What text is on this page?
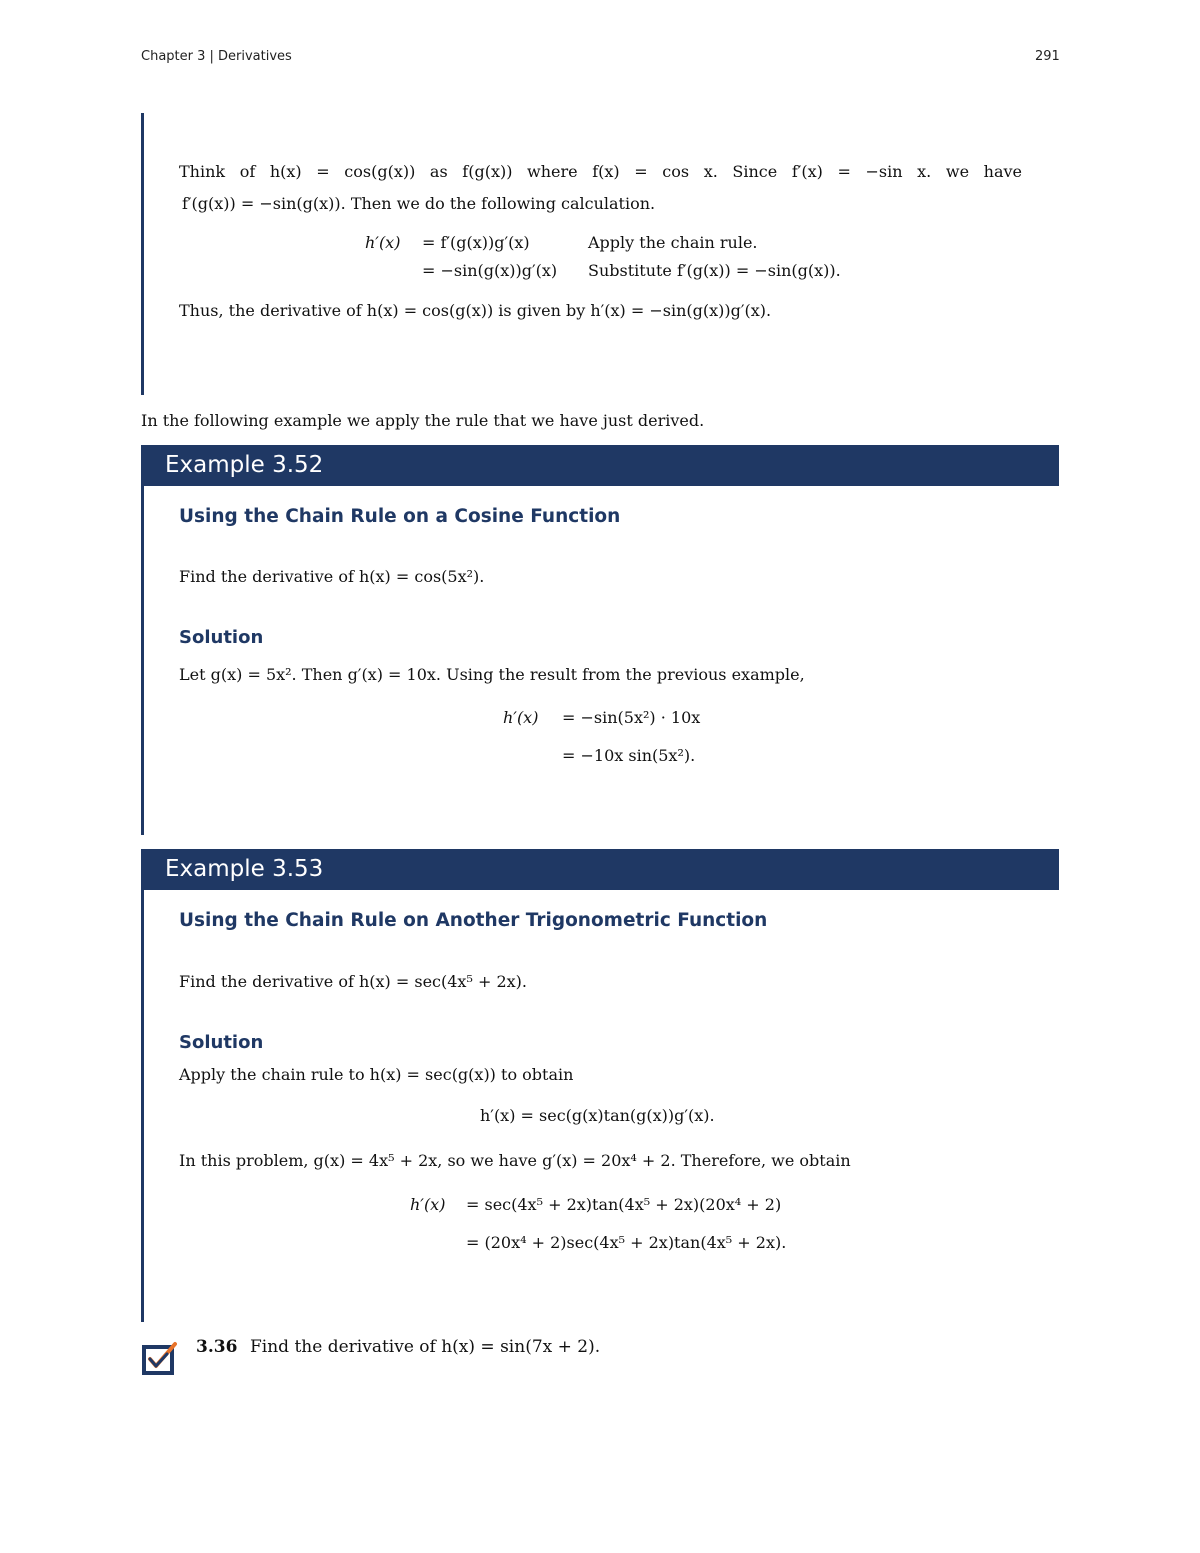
Chapter 3 | Derivatives	291
Think of h(x) = cos(g(x)) as f(g(x)) where f(x) = cos x. Since f′(x) = −sin x. we have
f′(g(x)) = −sin(g(x)). Then we do the following calculation.
h′(x) = f′(g(x))g′(x)	Apply the chain rule.
= −sin(g(x))g′(x) Substitute f′(g(x)) = −sin(g(x)).
Thus, the derivative of h(x) = cos(g(x)) is given by h′(x) = −sin(g(x))g′(x).
In the following example we apply the rule that we have just derived.
Example 3.52
Using the Chain Rule on a Cosine Function
Find the derivative of h(x) = cos(5x²).
Solution
Let g(x) = 5x². Then g′(x) = 10x. Using the result from the previous example,
h′(x) = −sin(5x²) · 10x
= −10x sin(5x²).
Example 3.53
Using the Chain Rule on Another Trigonometric Function
Find the derivative of h(x) = sec(4x⁵ + 2x).
Solution
Apply the chain rule to h(x) = sec(g(x)) to obtain
h′(x) = sec(g(x)tan(g(x))g′(x).
In this problem, g(x) = 4x⁵ + 2x, so we have g′(x) = 20x⁴ + 2. Therefore, we obtain
h′(x) = sec(4x⁵ + 2x)tan(4x⁵ + 2x)(20x⁴ + 2)
= (20x⁴ + 2)sec(4x⁵ + 2x)tan(4x⁵ + 2x).
3.36 Find the derivative of h(x) = sin(7x + 2).
